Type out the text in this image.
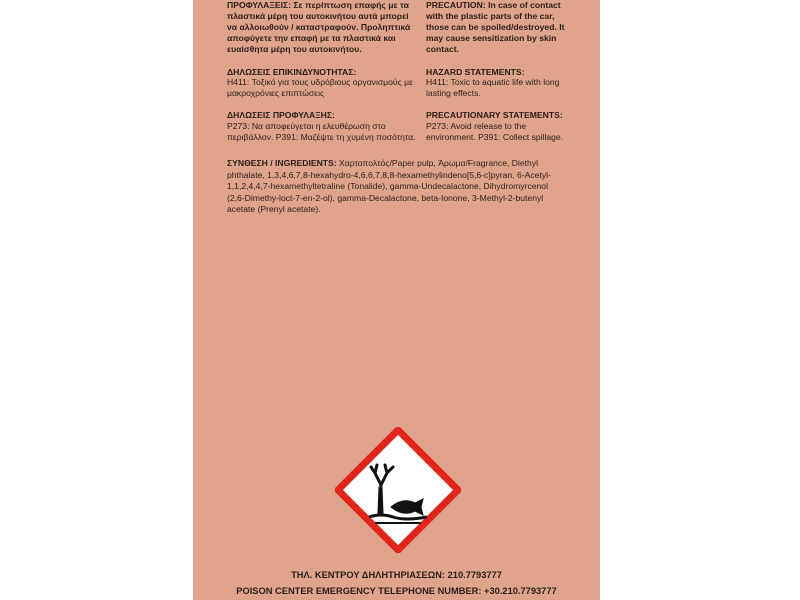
ΠΡΟΦΥΛΑΞΕΙΣ: Σε περίπτωση επαφής με τα πλαστικά μέρη του αυτοκινήτου αυτά μπορεί να αλλοιωθούν / καταστραφούν. Προληπτικά αποφύγετε την επαφή με τα πλαστικά και ευαίσθητα μέρη του αυτοκινήτου.
PRECAUTION: In case of contact with the plastic parts of the car, those can be spoiled/destroyed. It may cause sensitization by skin contact.
ΔΗΛΩΣΕΙΣ ΕΠΙΚΙΝΔΥΝΟΤΗΤΑΣ:
H411: Τοξικό για τους υδρόβιους οργανισμούς με μακροχρόνιες επιπτώσεις
HAZARD STATEMENTS:
H411: Toxic to aquatic life with long lasting effects.
ΔΗΛΩΣΕΙΣ ΠΡΟΦΥΛΑΞΗΣ:
P273: Να αποφεύγεται η ελευθέρωση στο περιβάλλον. P391: Μαζέψτε τη χυμένη ποσότητα.
PRECAUTIONARY STATEMENTS:
P273: Avoid release to the environment. P391: Collect spillage.
ΣΥΝΘΕΣΗ / INGREDIENTS: Χαρτοπολτός/Paper pulp, Άρωμα/Fragrance, Diethyl phthalate, 1,3,4,6,7,8-hexahydro-4,6,6,7,8,8-hexamethylindeno[5,6-c]pyran, 6-Acetyl-1,1,2,4,4,7-hexamethyltetraline (Tonalide), gamma-Undecalactone, Dihydromyrcenol (2,6-Dimethy-loct-7-en-2-ol), gamma-Decalactone, beta-Ionone, 3-Methyl-2-butenyl acetate (Prenyl acetate).
ΤΗΛ. ΚΕΝΤΡΟΥ ΔΗΛΗΤΗΡΙΑΣΕΩΝ: 210.7793777
POISON CENTER EMERGENCY TELEPHONE NUMBER: +30.210.7793777
